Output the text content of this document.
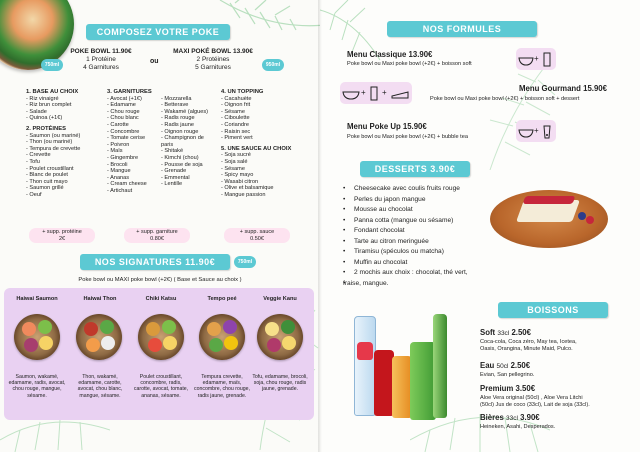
COMPOSEZ VOTRE POKE
750ml
POKE BOWL 11.90€
1 Protéine
4 Garnitures
ou
MAXI POKÉ BOWL 13.90€
2 Protéines
5 Garnitures	950ml
1. BASE AU CHOIX
- Riz vinaigré
- Riz brun complet
- Salade
- Quinoa (+1€)
2. PROTÉINES
- Saumon (ou mariné)
- Thon (ou mariné)
- Tempura de crevette
- Crevette
- Tofu
- Poulet croustillant
- Blanc de poulet
- Thon cuit mayo
- Saumon grillé
- Oeuf
3. GARNITURES
- Avocat (+1€)
- Edamame
- Chou rouge
- Chou blanc
- Carotte
- Concombre
- Tomate cerise
- Poivron
- Maïs
- Gingembre
- Brocoli
- Mangue
- Ananas
- Cream cheese
- Artichaut
- Mozzarella
- Betterave
- Wakamé (algues)
- Radis rouge
- Radis jaune
- Oignon rouge
- Champignon de
paris
- Shitaké
- Kimchi (chou)
- Pousse de soja
- Grenade
- Emmental
- Lentille
4. UN TOPPING
- Cacahuète
- Oignon frit
- Sésame
- Ciboulette
- Coriandre
- Raisin sec
- Piment vert
5. UNE SAUCE AU CHOIX
- Soja sucré
- Soja salé
- Sésame
- Spicy mayo
- Wasabi citron
- Olive et balsamique
- Mangue passion
+ supp. protéine
2€
+ supp. garniture
0.80€
+ supp. sauce
0.50€
NOS SIGNATURES 11.90€	750ml
Poke bowl ou MAXI poke bowl (+2€) ( Base et Sauce au choix )
Haiwai Saumon	Haiwai Thon	Chiki Katsu	Tempo peé	Veggie Kanu
Saumon, wakamé, edamame, radis, avocat, chou rouge, mangue, sésame.
Thon, wakamé, edamame, carotte, avocat, chou blanc, mangue, sésame.
Poulet croustillant, concombre, radis, carotte, avocat, tomate, ananas, sésame.
Tempura crevette, edamame, maïs, concombre, chou rouge, radis jaune, grenade.
Tofu, edamame, brocoli, soja, chou rouge, radis jaune, grenade.
NOS FORMULES
Menu Classique 13.90€
Poke bowl ou Maxi poke bowl (+2€) + boisson soft
+
+ +	Menu Gourmand 15.90€
Poke bowl ou Maxi poke bowl (+2€) + boisson soft + dessert
Menu Poke Up 15.90€
Poke bowl ou Maxi poke bowl (+2€) + bubble tea
+
DESSERTS 3.90€
• Cheesecake avec coulis fruits rouge
• Perles du japon mangue
• Mousse au chocolat
• Panna cotta (mangue ou sésame)
• Fondant chocolat
• Tarte au citron meringuée
• Tiramisu (spéculos ou matcha)
• Muffin au chocolat
• 2 mochis aux choix : chocolat, thé vert,
• fraise, mangue.
BOISSONS
Soft 33cl 2.50€
Coca-cola, Coca zéro, May tea, Icetea,
Oasis, Orangina, Minute Maid, Pulco.
Eau 50cl 2.50€
Evian, San pellegrino.
Premium 3.50€
Aloe Vera original (50cl) , Aloe Vera Litchi
(50cl) Jus de coco (33cl), Lait de soja (33cl).
Bières 33cl 3.90€
Heineken, Asahi, Desperados.
